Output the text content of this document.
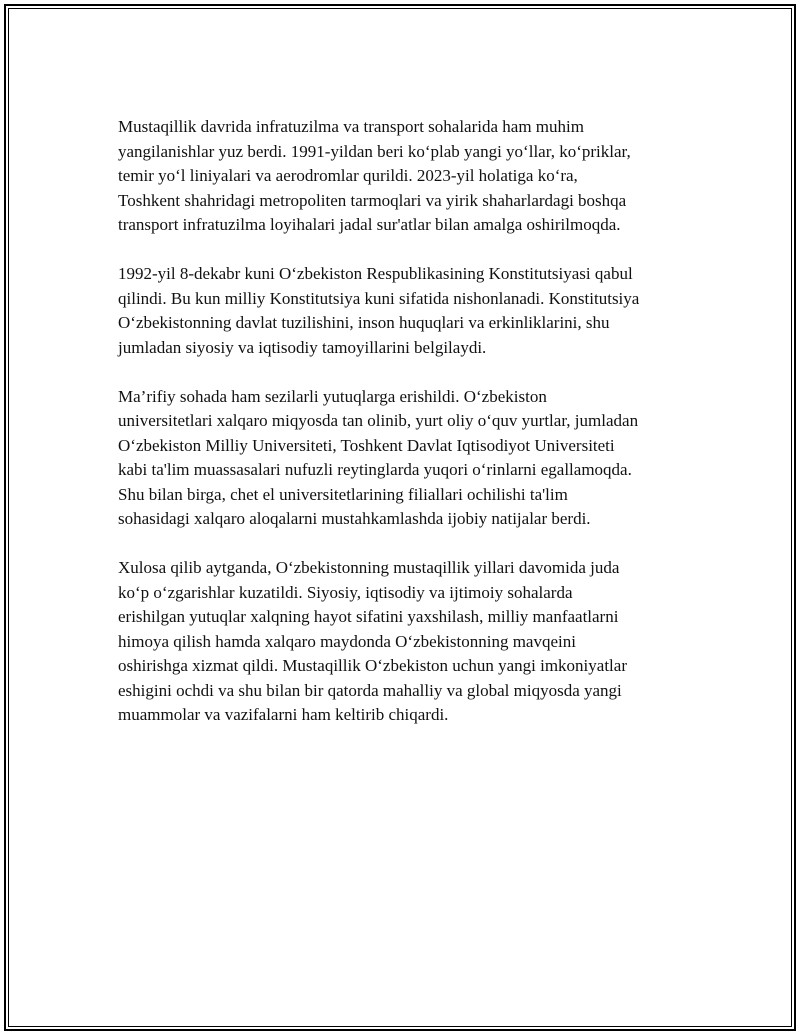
Mustaqillik davrida infratuzilma va transport sohalarida ham muhim
yangilanishlar yuz berdi. 1991-yildan beri koʻplab yangi yoʻllar, koʻpriklar,
temir yoʻl liniyalari va aerodromlar qurildi. 2023-yil holatiga koʻra,
Toshkent shahridagi metropoliten tarmoqlari va yirik shaharlardagi boshqa
transport infratuzilma loyihalari jadal sur'atlar bilan amalga oshirilmoqda.

1992-yil 8-dekabr kuni Oʻzbekiston Respublikasining Konstitutsiyasi qabul
qilindi. Bu kun milliy Konstitutsiya kuni sifatida nishonlanadi. Konstitutsiya
Oʻzbekistonning davlat tuzilishini, inson huquqlari va erkinliklarini, shu
jumladan siyosiy va iqtisodiy tamoyillarini belgilaydi.

Ma’rifiy sohada ham sezilarli yutuqlarga erishildi. Oʻzbekiston
universitetlari xalqaro miqyosda tan olinib, yurt oliy oʻquv yurtlar, jumladan
Oʻzbekiston Milliy Universiteti, Toshkent Davlat Iqtisodiyot Universiteti
kabi ta'lim muassasalari nufuzli reytinglarda yuqori oʻrinlarni egallamoqda.
Shu bilan birga, chet el universitetlarining filiallari ochilishi ta'lim
sohasidagi xalqaro aloqalarni mustahkamlashda ijobiy natijalar berdi.

Xulosa qilib aytganda, Oʻzbekistonning mustaqillik yillari davomida juda
koʻp oʻzgarishlar kuzatildi. Siyosiy, iqtisodiy va ijtimoiy sohalarda
erishilgan yutuqlar xalqning hayot sifatini yaxshilash, milliy manfaatlarni
himoya qilish hamda xalqaro maydonda Oʻzbekistonning mavqeini
oshirishga xizmat qildi. Mustaqillik Oʻzbekiston uchun yangi imkoniyatlar
eshigini ochdi va shu bilan bir qatorda mahalliy va global miqyosda yangi
muammolar va vazifalarni ham keltirib chiqardi.
